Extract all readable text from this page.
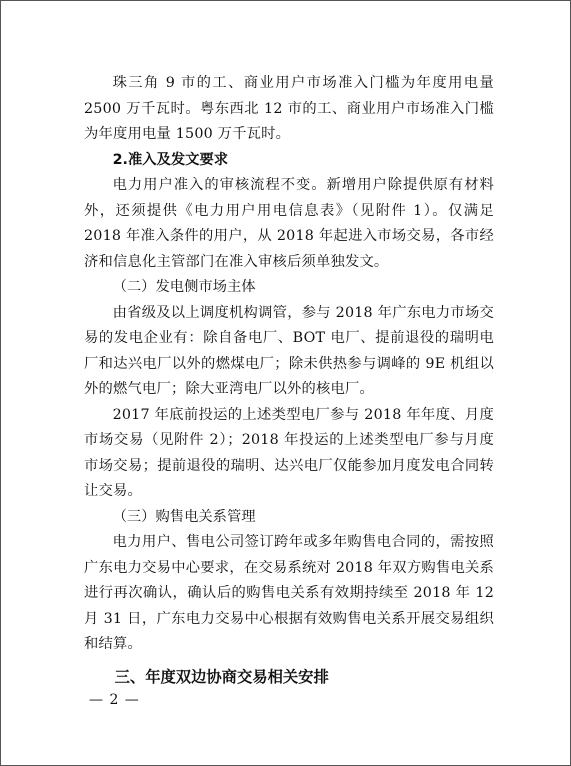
珠三角 9 市的工、商业用户市场准入门槛为年度用电量 2500 万千瓦时。粤东西北 12 市的工、商业用户市场准入门槛为年度用电量 1500 万千瓦时。

2.准入及发文要求

电力用户准入的审核流程不变。新增用户除提供原有材料外，还须提供《电力用户用电信息表》（见附件 1）。仅满足 2018 年准入条件的用户，从 2018 年起进入市场交易，各市经济和信息化主管部门在准入审核后须单独发文。

（二）发电侧市场主体

由省级及以上调度机构调管，参与 2018 年广东电力市场交易的发电企业有：除自备电厂、BOT 电厂、提前退役的瑞明电厂和达兴电厂以外的燃煤电厂；除未供热参与调峰的 9E 机组以外的燃气电厂；除大亚湾电厂以外的核电厂。

2017 年底前投运的上述类型电厂参与 2018 年年度、月度市场交易（见附件 2）；2018 年投运的上述类型电厂参与月度市场交易；提前退役的瑞明、达兴电厂仅能参加月度发电合同转让交易。

（三）购售电关系管理

电力用户、售电公司签订跨年或多年购售电合同的，需按照广东电力交易中心要求，在交易系统对 2018 年双方购售电关系进行再次确认，确认后的购售电关系有效期持续至 2018 年 12 月 31 日，广东电力交易中心根据有效购售电关系开展交易组织和结算。

三、年度双边协商交易相关安排

— 2 —
